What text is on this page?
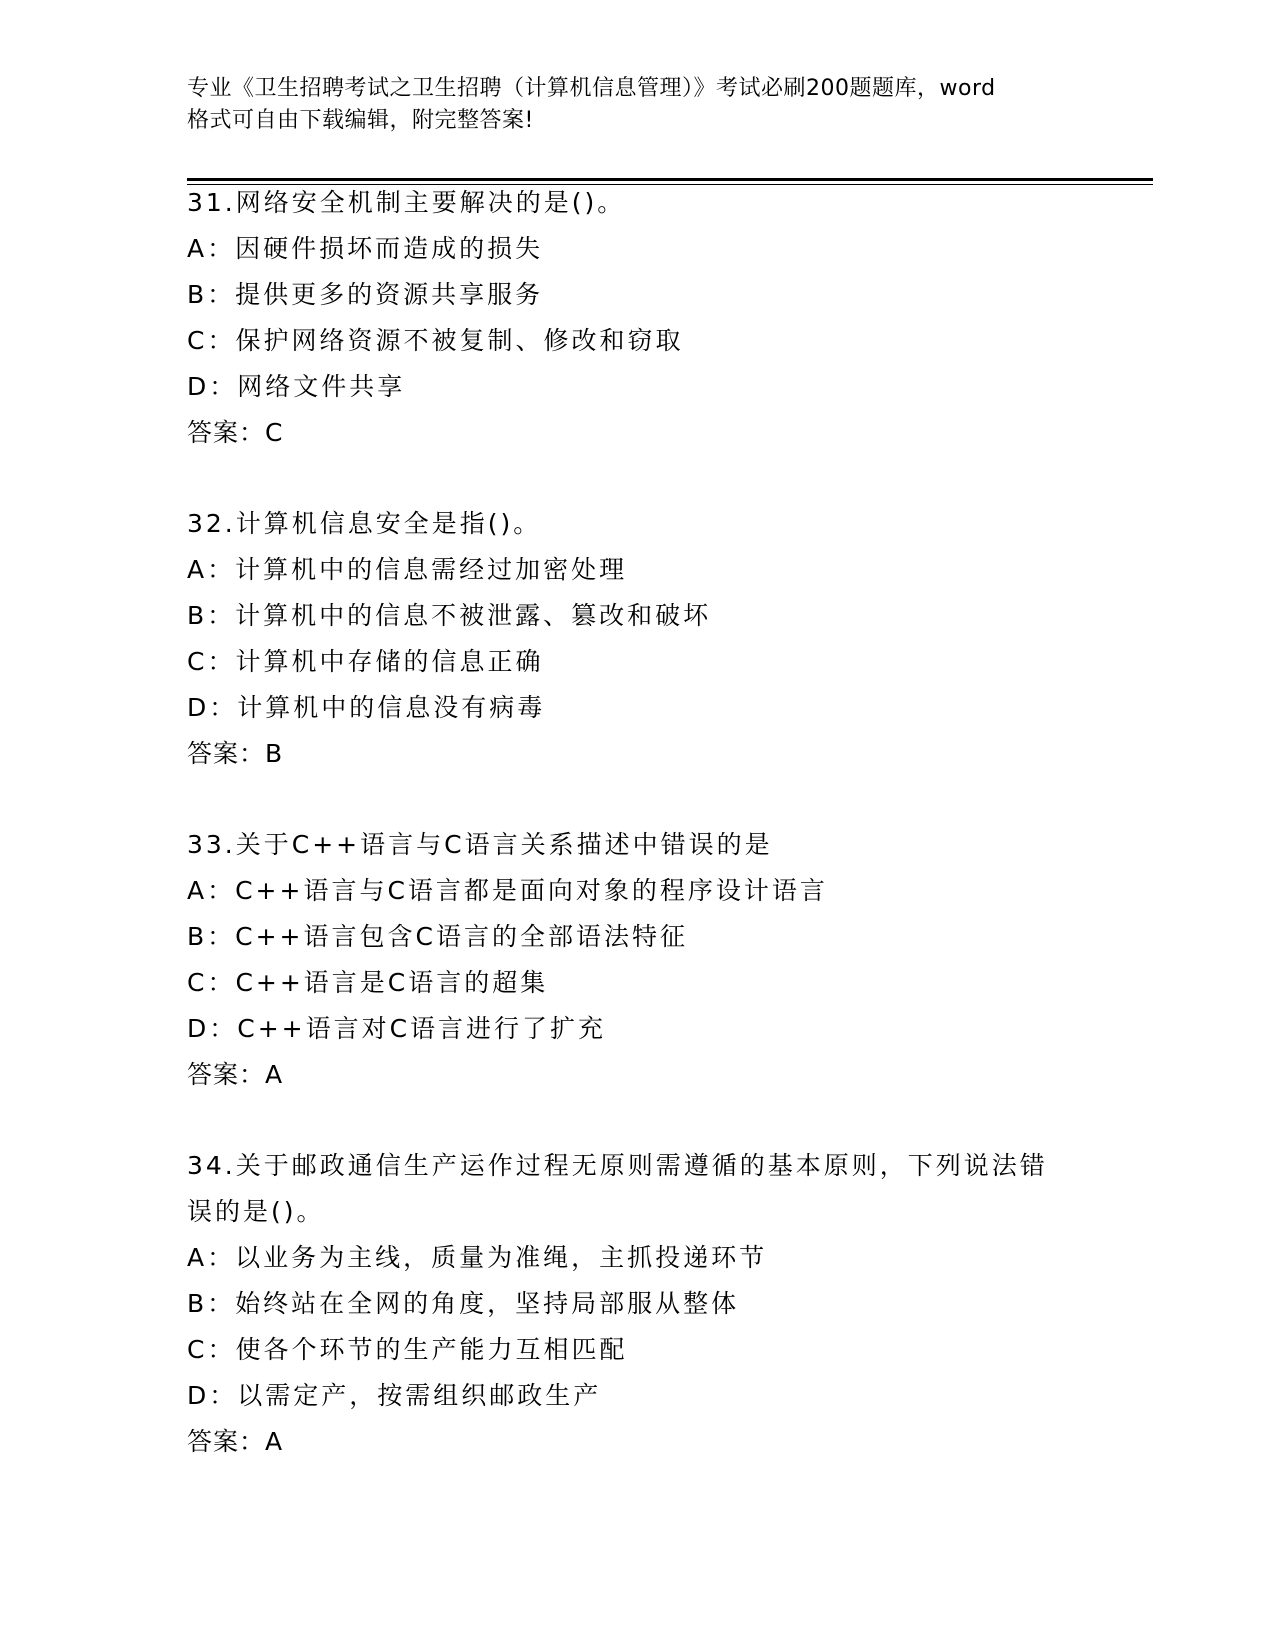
专业《卫生招聘考试之卫生招聘（计算机信息管理）》考试必刷200题题库，word
格式可自由下载编辑，附完整答案!
31.网络安全机制主要解决的是()。
A：因硬件损坏而造成的损失
B：提供更多的资源共享服务
C：保护网络资源不被复制、修改和窃取
D：网络文件共享
答案：C
32.计算机信息安全是指()。
A：计算机中的信息需经过加密处理
B：计算机中的信息不被泄露、篡改和破坏
C：计算机中存储的信息正确
D：计算机中的信息没有病毒
答案：B
33.关于C++语言与C语言关系描述中错误的是
A：C++语言与C语言都是面向对象的程序设计语言
B：C++语言包含C语言的全部语法特征
C：C++语言是C语言的超集
D：C++语言对C语言进行了扩充
答案：A
34.关于邮政通信生产运作过程无原则需遵循的基本原则，下列说法错
误的是()。
A：以业务为主线，质量为准绳，主抓投递环节
B：始终站在全网的角度，坚持局部服从整体
C：使各个环节的生产能力互相匹配
D：以需定产，按需组织邮政生产
答案：A
